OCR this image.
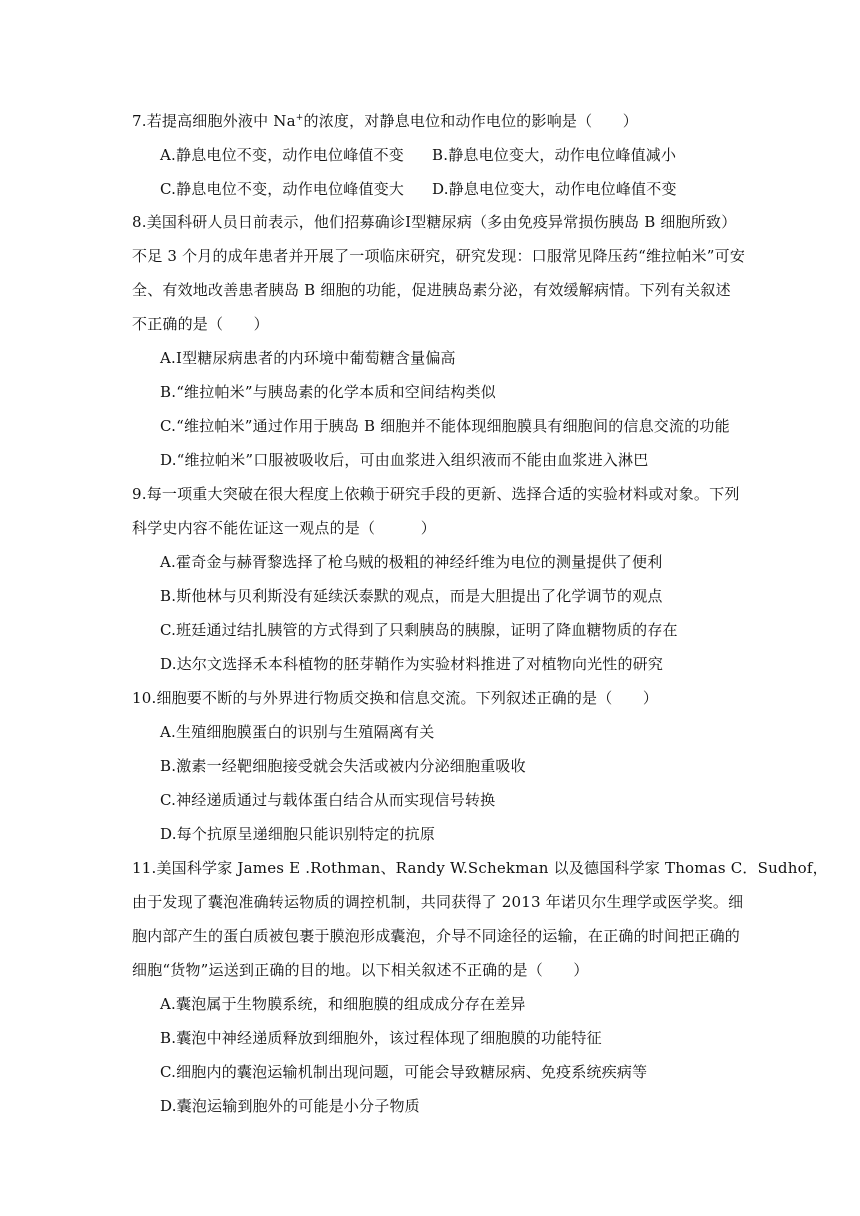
7.若提高细胞外液中 Na+的浓度，对静息电位和动作电位的影响是（　　）
A.静息电位不变，动作电位峰值不变 B.静息电位变大，动作电位峰值减小
C.静息电位不变，动作电位峰值变大 D.静息电位变大，动作电位峰值不变
8.美国科研人员日前表示，他们招募确诊Ⅰ型糖尿病（多由免疫异常损伤胰岛 B 细胞所致）
不足 3 个月的成年患者并开展了一项临床研究，研究发现：口服常见降压药“维拉帕米”可安
全、有效地改善患者胰岛 B 细胞的功能，促进胰岛素分泌，有效缓解病情。下列有关叙述
不正确的是（　　）
A.Ⅰ型糖尿病患者的内环境中葡萄糖含量偏高
B.“维拉帕米”与胰岛素的化学本质和空间结构类似
C.“维拉帕米”通过作用于胰岛 B 细胞并不能体现细胞膜具有细胞间的信息交流的功能
D.“维拉帕米”口服被吸收后，可由血浆进入组织液而不能由血浆进入淋巴
9.每一项重大突破在很大程度上依赖于研究手段的更新、选择合适的实验材料或对象。下列
科学史内容不能佐证这一观点的是（　　　）
A.霍奇金与赫胥黎选择了枪乌贼的极粗的神经纤维为电位的测量提供了便利
B.斯他林与贝利斯没有延续沃泰默的观点，而是大胆提出了化学调节的观点
C.班廷通过结扎胰管的方式得到了只剩胰岛的胰腺，证明了降血糖物质的存在
D.达尔文选择禾本科植物的胚芽鞘作为实验材料推进了对植物向光性的研究
10.细胞要不断的与外界进行物质交换和信息交流。下列叙述正确的是（　　）
A.生殖细胞膜蛋白的识别与生殖隔离有关
B.激素一经靶细胞接受就会失活或被内分泌细胞重吸收
C.神经递质通过与载体蛋白结合从而实现信号转换
D.每个抗原呈递细胞只能识别特定的抗原
11.美国科学家 James E .Rothman、Randy W.Schekman 以及德国科学家 Thomas C．Sudhof，
由于发现了囊泡准确转运物质的调控机制，共同获得了 2013 年诺贝尔生理学或医学奖。细
胞内部产生的蛋白质被包裹于膜泡形成囊泡，介导不同途径的运输，在正确的时间把正确的
细胞“货物”运送到正确的目的地。以下相关叙述不正确的是（　　）
A.囊泡属于生物膜系统，和细胞膜的组成成分存在差异
B.囊泡中神经递质释放到细胞外，该过程体现了细胞膜的功能特征
C.细胞内的囊泡运输机制出现问题，可能会导致糖尿病、免疫系统疾病等
D.囊泡运输到胞外的可能是小分子物质
